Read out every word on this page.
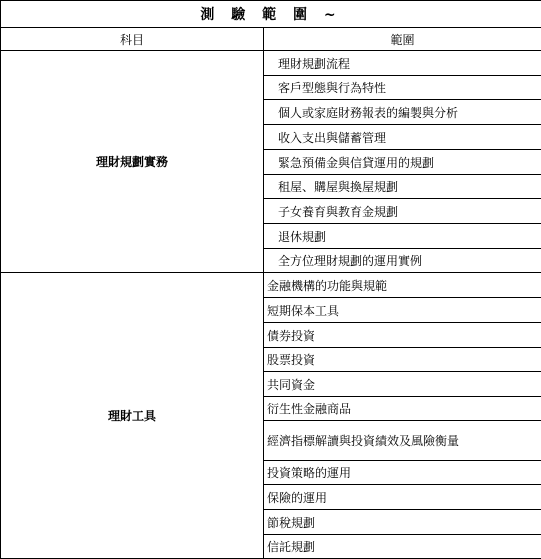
測 驗 範 圍 ~	
科目	範圍
理財規劃實務	理財規劃流程
	客戶型態與行為特性
	個人或家庭財務報表的編製與分析
	收入支出與儲蓄管理
	緊急預備金與信貸運用的規劃
	租屋、購屋與換屋規劃
	子女養育與教育金規劃
	退休規劃
	全方位理財規劃的運用實例
理財工具	金融機構的功能與規範
	短期保本工具
	債券投資
	股票投資
	共同資金
	衍生性金融商品
	經濟指標解讀與投資績效及風險衡量
	投資策略的運用
	保險的運用
	節稅規劃
	信託規劃
